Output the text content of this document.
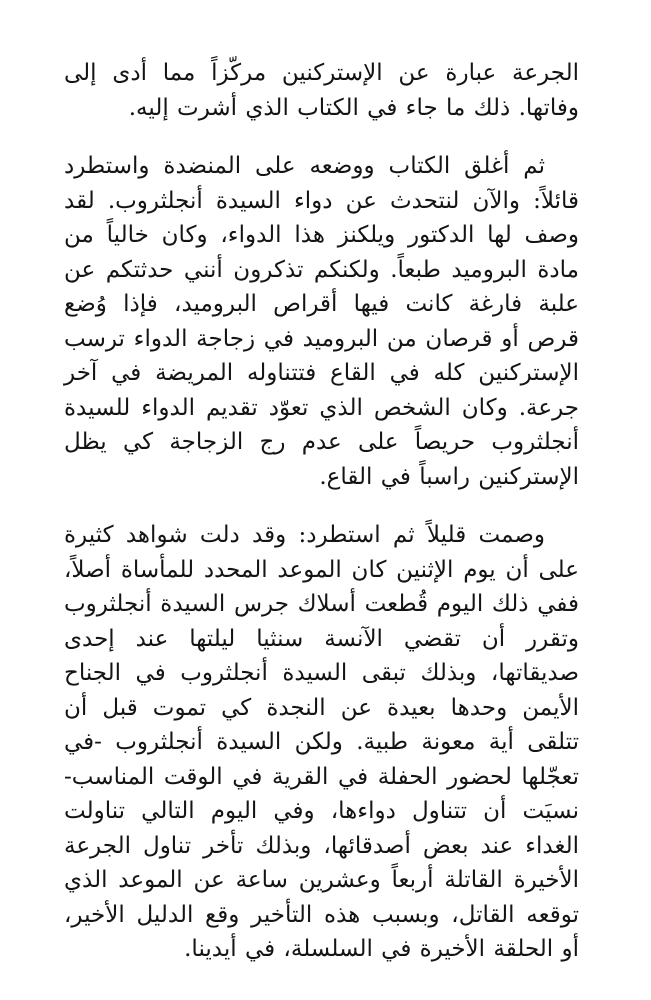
الجرعة عبارة عن الإستركنين مركّزاً مما أدى إلى وفاتها. ذلك ما جاء في الكتاب الذي أشرت إليه.

ثم أغلق الكتاب ووضعه على المنضدة واستطرد قائلاً: والآن لنتحدث عن دواء السيدة أنجلثروب. لقد وصف لها الدكتور ويلكنز هذا الدواء، وكان خالياً من مادة البروميد طبعاً. ولكنكم تذكرون أنني حدثتكم عن علبة فارغة كانت فيها أقراص البروميد، فإذا وُضع قرص أو قرصان من البروميد في زجاجة الدواء ترسب الإستركنين كله في القاع فتتناوله المريضة في آخر جرعة. وكان الشخص الذي تعوّد تقديم الدواء للسيدة أنجلثروب حريصاً على عدم رج الزجاجة كي يظل الإستركنين راسباً في القاع.

وصمت قليلاً ثم استطرد: وقد دلت شواهد كثيرة على أن يوم الإثنين كان الموعد المحدد للمأساة أصلاً، ففي ذلك اليوم قُطعت أسلاك جرس السيدة أنجلثروب وتقرر أن تقضي الآنسة سنثيا ليلتها عند إحدى صديقاتها، وبذلك تبقى السيدة أنجلثروب في الجناح الأيمن وحدها بعيدة عن النجدة كي تموت قبل أن تتلقى أية معونة طبية. ولكن السيدة أنجلثروب -في تعجّلها لحضور الحفلة في القرية في الوقت المناسب- نسيَت أن تتناول دواءها، وفي اليوم التالي تناولت الغداء عند بعض أصدقائها، وبذلك تأخر تناول الجرعة الأخيرة القاتلة أربعاً وعشرين ساعة عن الموعد الذي توقعه القاتل، وبسبب هذه التأخير وقع الدليل الأخير، أو الحلقة الأخيرة في السلسلة، في أيدينا.
